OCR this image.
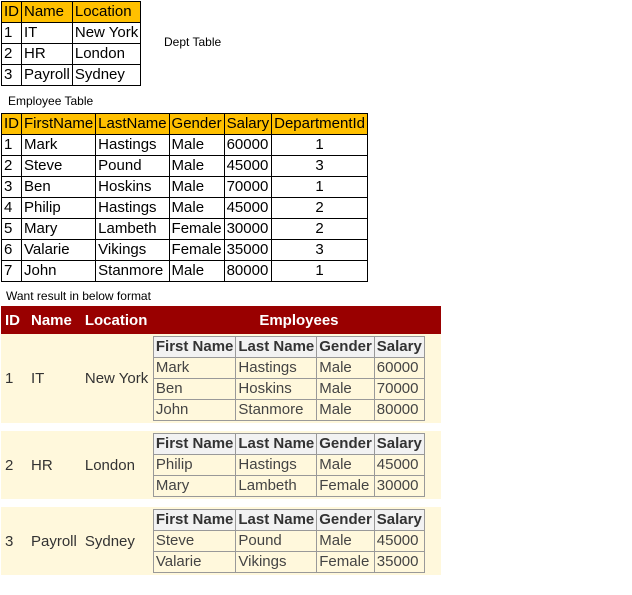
ID	Name	Location
1	IT	New York
2	HR	London
3	Payroll	Sydney
Dept Table
Employee Table
ID	FirstName	LastName	Gender	Salary	DepartmentId
1	Mark	Hastings	Male	60000	1
2	Steve	Pound	Male	45000	3
3	Ben	Hoskins	Male	70000	1
4	Philip	Hastings	Male	45000	2
5	Mary	Lambeth	Female	30000	2
6	Valarie	Vikings	Female	35000	3
7	John	Stanmore	Male	80000	1
Want result in below format
ID	Name	Location	Employees
1	IT	New York	
First Name	Last Name	Gender	Salary
Mark	Hastings	Male	60000
Ben	Hoskins	Male	70000
John	Stanmore	Male	80000

2	HR	London	
First Name	Last Name	Gender	Salary
Philip	Hastings	Male	45000
Mary	Lambeth	Female	30000

3	Payroll	Sydney	
First Name	Last Name	Gender	Salary
Steve	Pound	Male	45000
Valarie	Vikings	Female	35000
